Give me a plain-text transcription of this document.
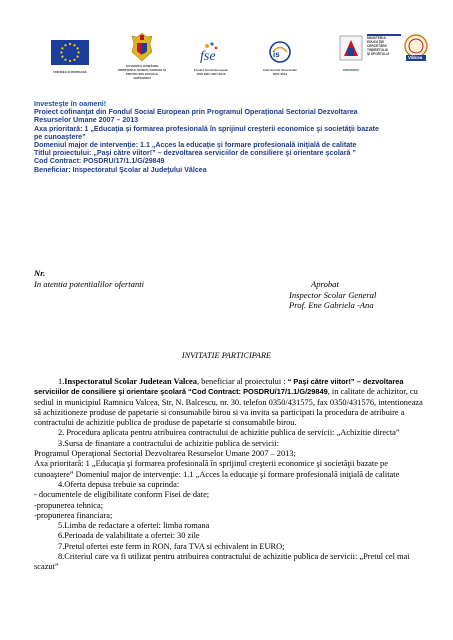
UNIUNEA EUROPEANĂ
GUVERNUL ROMÂNIEI
MINISTERUL MUNCII, FAMILIEI ŞI
PROTECŢIEI SOCIALE
AMPOSDRU
fse
Fondul Social European
POS DRU 2007-2013
is
Instrumente Structurale
2007-2013
OIPOSDRU
MINISTERUL
EDUCAŢIEI
CERCETĂRII
TINERETULUI
ŞI SPORTULUI
Vâlcea
Investeşte în oameni!
Proiect cofinanţat din Fondul Social European prin Programul Operaţional Sectorial Dezvoltarea
Resurselor Umane 2007 – 2013
Axa prioritară: 1 „Educaţia şi formarea profesională în sprijinul creşterii economice şi societăţii bazate
pe cunoaştere”
Domeniul major de intervenţie: 1.1 „Acces la educaţie şi formare profesională iniţială de calitate
Titlul proiectului: „Paşi către viitor!” – dezvoltarea serviciilor de consiliere şi orientare şcolară ”
Cod Contract: POSDRU/17/1.1/G/29849
Beneficiar: Inspectoratul Şcolar al Judeţului Vâlcea
Nr.
In atentia potentialilor ofertanti	Aprobat
Inspector Scolar General
Prof. Ene Gabriela -Ana
INVITATIE PARTICIPARE

1.Inspectoratul Scolar Judetean Valcea, beneficiar al proiectului : “ Paşi către viitor!” – dezvoltarea serviciilor de consiliere şi orientare şcolară “Cod Contract: POSDRU/17/1.1/G/29849, in calitate de achizitor, cu sediul in municipiul Ramnicu Valcea, Str, N. Balcescu, nr. 30. telefon 0350/431575, fax 0350/431576, intentioneaza să achizitioneze produse de papetarie si consumabile birou si va invita sa participati la procedura de atribuire a contractului de achizitie publica de produse de papetarie si consumabile birou.

2. Procedura aplicata pentru atribuirea contractului de achizitie publica de servicii: „Achizitie directa”

3.Sursa de finantare a contractului de achizitie publica de servicii:

Programul Operaţional Sectorial Dezvoltarea Resurselor Umane 2007 – 2013;

Axa prioritară: 1 „Educaţia şi formarea profesională în sprijinul creşterii economice şi societăţii bazate pe cunoaştere” Domeniul major de intervenţie: 1.1 „Acces la educaţie şi formare profesională iniţială de calitate

4.Oferta depusa trebuie sa cuprinda:

- documentele de eligibilitate conform Fisei de date;

-propunerea tehnica;

-propunerea financiara;

5.Limba de redactare a ofertei: limba romana

6.Perioada de valabilitate a ofertei: 30 zile

7.Pretul ofertei este ferm in RON, fara TVA si echivalent in EURO;

8.Criteriul care va fi utilizat pentru atribuirea contractului de achizitie publica de servicii: „Pretul cel mai scazut”
